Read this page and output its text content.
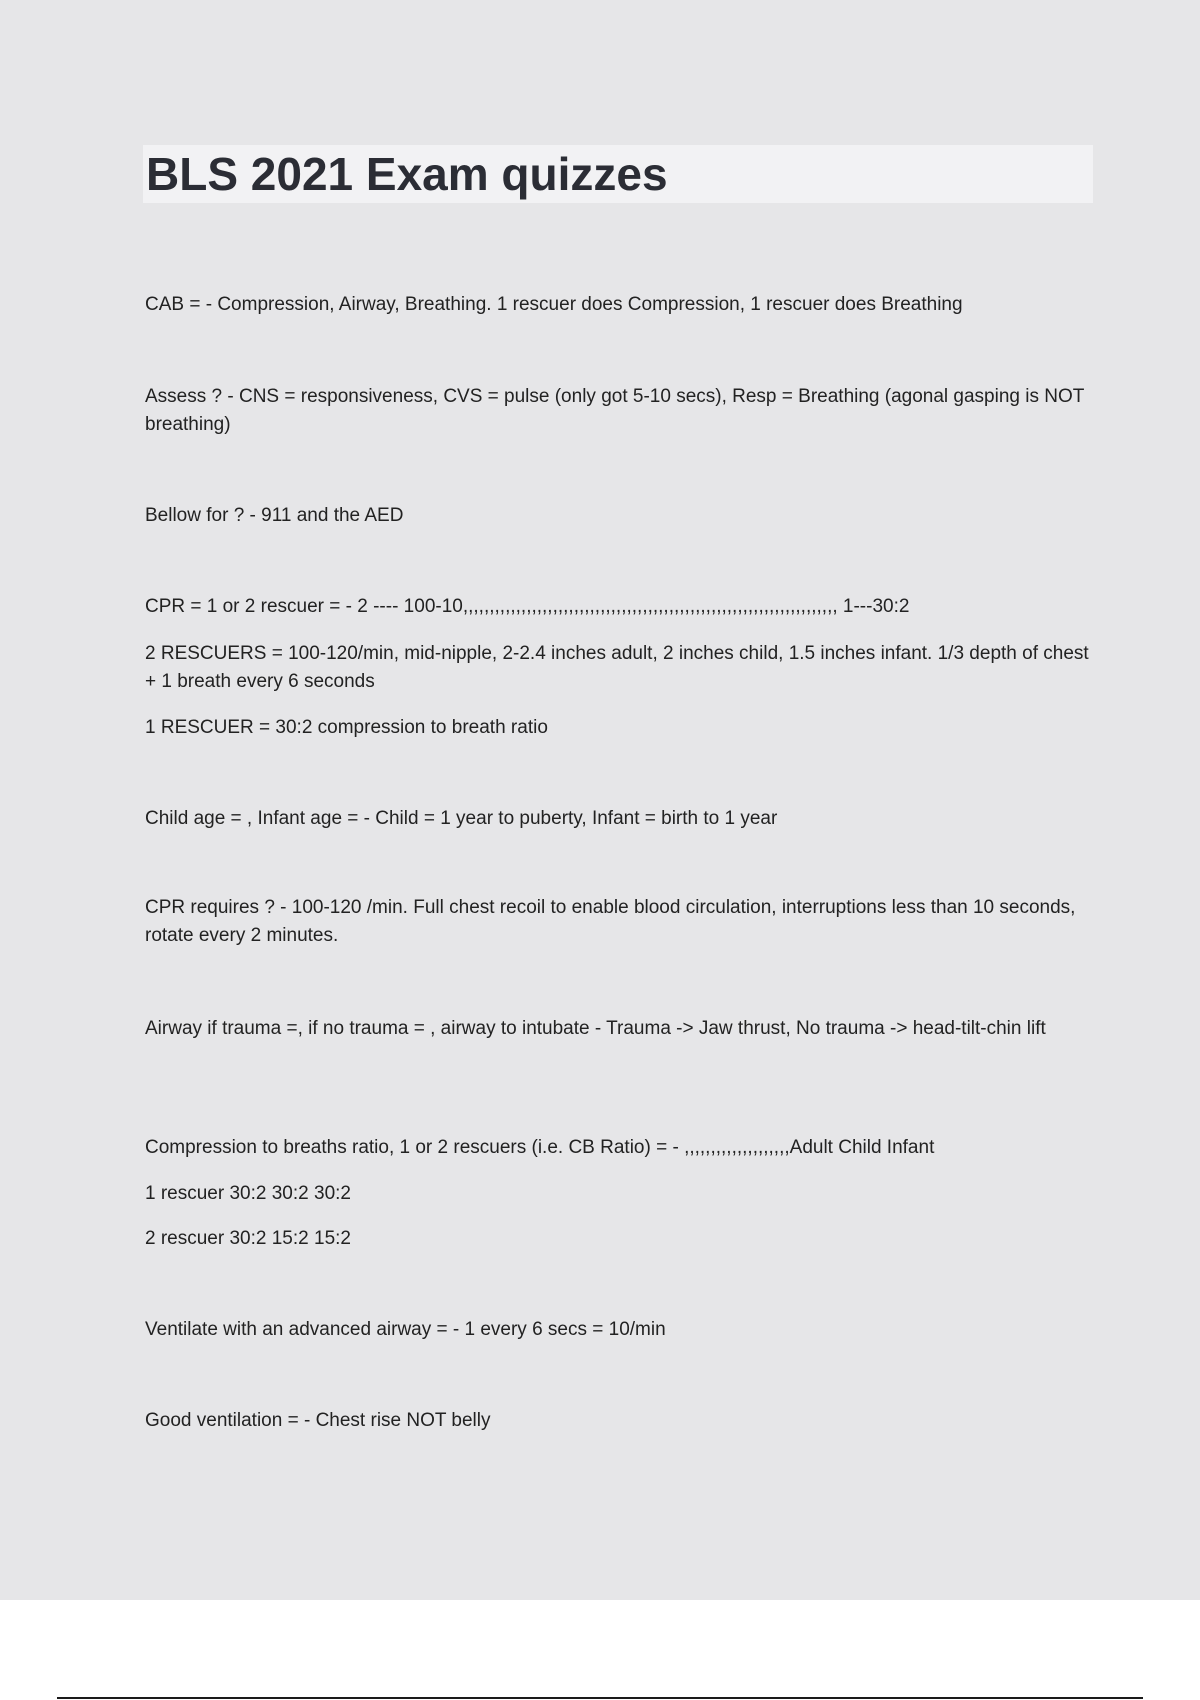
BLS 2021 Exam quizzes

CAB = - Compression, Airway, Breathing. 1 rescuer does Compression, 1 rescuer does Breathing

Assess ? - CNS = responsiveness, CVS = pulse (only got 5-10 secs), Resp = Breathing (agonal gasping is NOT breathing)

Bellow for ? - 911 and the AED

CPR = 1 or 2 rescuer = - 2 ---- 100-10,,,,,,,,,,,,,,,,,,,,,,,,,,,,,,,,,,,,,,,,,,,,,,,,,,,,,,,,,,,,,,,,,,,,,,, 1---30:2

2 RESCUERS = 100-120/min, mid-nipple, 2-2.4 inches adult, 2 inches child, 1.5 inches infant. 1/3 depth of chest + 1 breath every 6 seconds

1 RESCUER = 30:2 compression to breath ratio

Child age = , Infant age = - Child = 1 year to puberty, Infant = birth to 1 year

CPR requires ? - 100-120 /min. Full chest recoil to enable blood circulation, interruptions less than 10 seconds, rotate every 2 minutes.

Airway if trauma =, if no trauma = , airway to intubate - Trauma -> Jaw thrust, No trauma -> head-tilt-chin lift

Compression to breaths ratio, 1 or 2 rescuers (i.e. CB Ratio) = - ,,,,,,,,,,,,,,,,,,,,Adult Child Infant

1 rescuer 30:2 30:2 30:2

2 rescuer 30:2 15:2 15:2

Ventilate with an advanced airway = - 1 every 6 secs = 10/min

Good ventilation = - Chest rise NOT belly
